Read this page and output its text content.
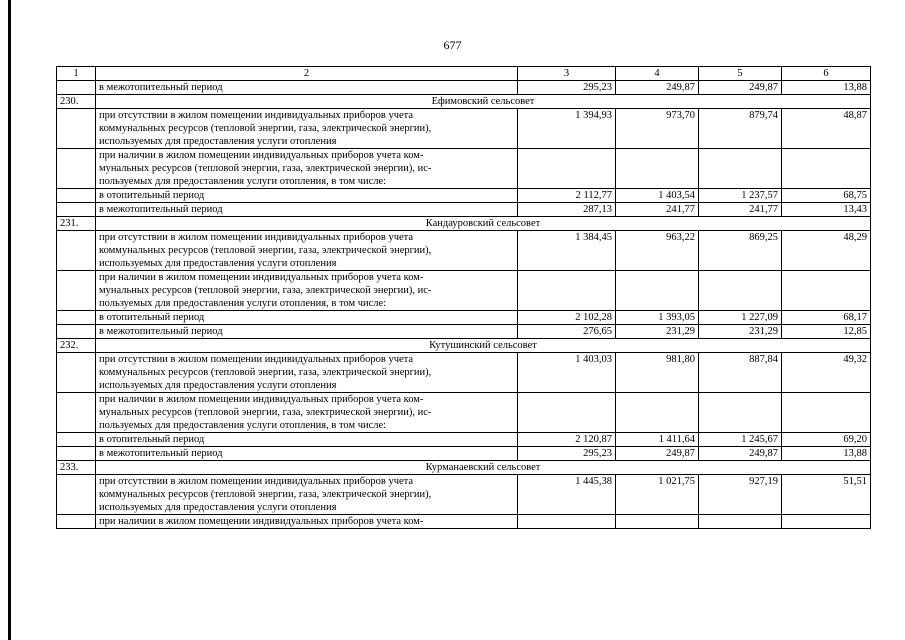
677
1	2	3	4	5	6

	в межотопительный период	295,23	249,87	249,87	13,88
230.	Ефимовский сельсовет				

	при отсутствии в жилом помещении индивидуальных приборов учета
коммунальных ресурсов (тепловой энергии, газа, электрической энергии),
используемых для предоставления услуги отопления	1 394,93	973,70	879,74	48,87

	при наличии в жилом помещении индивидуальных приборов учета ком-
мунальных ресурсов (тепловой энергии, газа, электрической энергии), ис-
пользуемых для предоставления услуги отопления, в том числе:				

	в отопительный период	2 112,77	1 403,54	1 237,57	68,75

	в межотопительный период	287,13	241,77	241,77	13,43
231.	Кандауровский сельсовет				

	при отсутствии в жилом помещении индивидуальных приборов учета
коммунальных ресурсов (тепловой энергии, газа, электрической энергии),
используемых для предоставления услуги отопления	1 384,45	963,22	869,25	48,29

	при наличии в жилом помещении индивидуальных приборов учета ком-
мунальных ресурсов (тепловой энергии, газа, электрической энергии), ис-
пользуемых для предоставления услуги отопления, в том числе:				

	в отопительный период	2 102,28	1 393,05	1 227,09	68,17

	в межотопительный период	276,65	231,29	231,29	12,85
232.	Кутушинский сельсовет				

	при отсутствии в жилом помещении индивидуальных приборов учета
коммунальных ресурсов (тепловой энергии, газа, электрической энергии),
используемых для предоставления услуги отопления	1 403,03	981,80	887,84	49,32

	при наличии в жилом помещении индивидуальных приборов учета ком-
мунальных ресурсов (тепловой энергии, газа, электрической энергии), ис-
пользуемых для предоставления услуги отопления, в том числе:				

	в отопительный период	2 120,87	1 411,64	1 245,67	69,20

	в межотопительный период	295,23	249,87	249,87	13,88
233.	Курманаевский сельсовет				

	при отсутствии в жилом помещении индивидуальных приборов учета
коммунальных ресурсов (тепловой энергии, газа, электрической энергии),
используемых для предоставления услуги отопления	1 445,38	1 021,75	927,19	51,51

	при наличии в жилом помещении индивидуальных приборов учета ком-				
